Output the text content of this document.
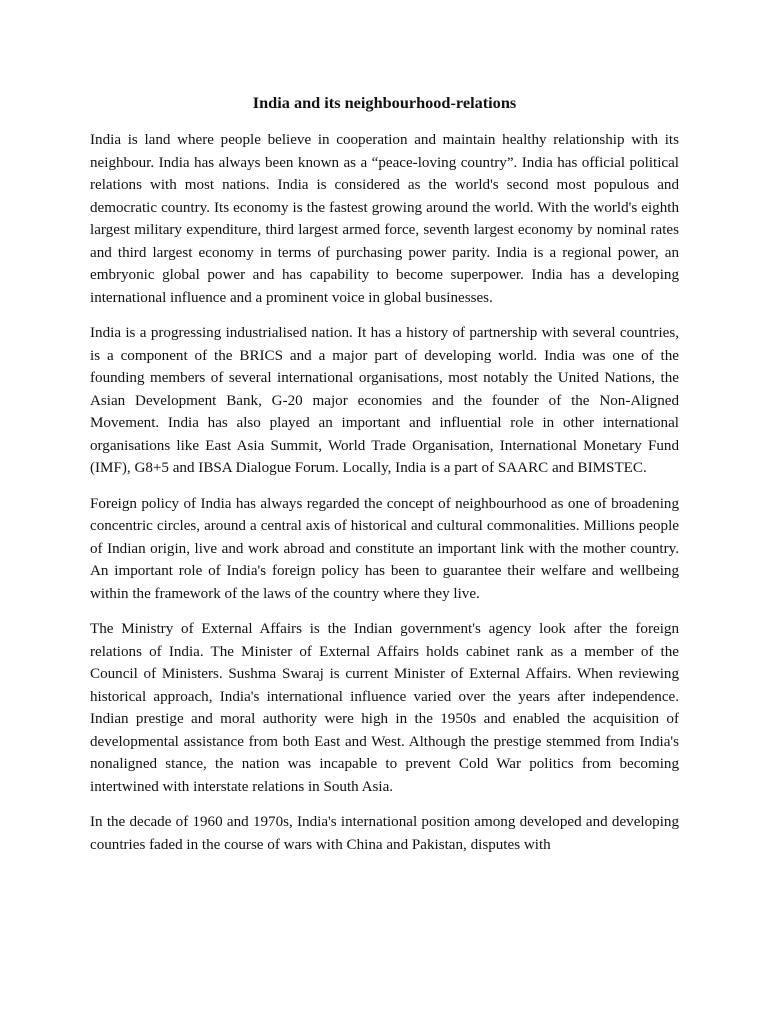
India and its neighbourhood-relations

India is land where people believe in cooperation and maintain healthy relationship with its neighbour. India has always been known as a “peace-loving country”. India has official political relations with most nations. India is considered as the world's second most populous and democratic country. Its economy is the fastest growing around the world. With the world's eighth largest military expenditure, third largest armed force, seventh largest economy by nominal rates and third largest economy in terms of purchasing power parity. India is a regional power, an embryonic global power and has capability to become superpower. India has a developing international influence and a prominent voice in global businesses.

India is a progressing industrialised nation. It has a history of partnership with several countries, is a component of the BRICS and a major part of developing world. India was one of the founding members of several international organisations, most notably the United Nations, the Asian Development Bank, G-20 major economies and the founder of the Non-Aligned Movement. India has also played an important and influential role in other international organisations like East Asia Summit, World Trade Organisation, International Monetary Fund (IMF), G8+5 and IBSA Dialogue Forum. Locally, India is a part of SAARC and BIMSTEC.

Foreign policy of India has always regarded the concept of neighbourhood as one of broadening concentric circles, around a central axis of historical and cultural commonalities. Millions people of Indian origin, live and work abroad and constitute an important link with the mother country. An important role of India's foreign policy has been to guarantee their welfare and wellbeing within the framework of the laws of the country where they live.

The Ministry of External Affairs is the Indian government's agency look after the foreign relations of India. The Minister of External Affairs holds cabinet rank as a member of the Council of Ministers. Sushma Swaraj is current Minister of External Affairs. When reviewing historical approach, India's international influence varied over the years after independence. Indian prestige and moral authority were high in the 1950s and enabled the acquisition of developmental assistance from both East and West. Although the prestige stemmed from India's nonaligned stance, the nation was incapable to prevent Cold War politics from becoming intertwined with interstate relations in South Asia.

In the decade of 1960 and 1970s, India's international position among developed and developing countries faded in the course of wars with China and Pakistan, disputes with
